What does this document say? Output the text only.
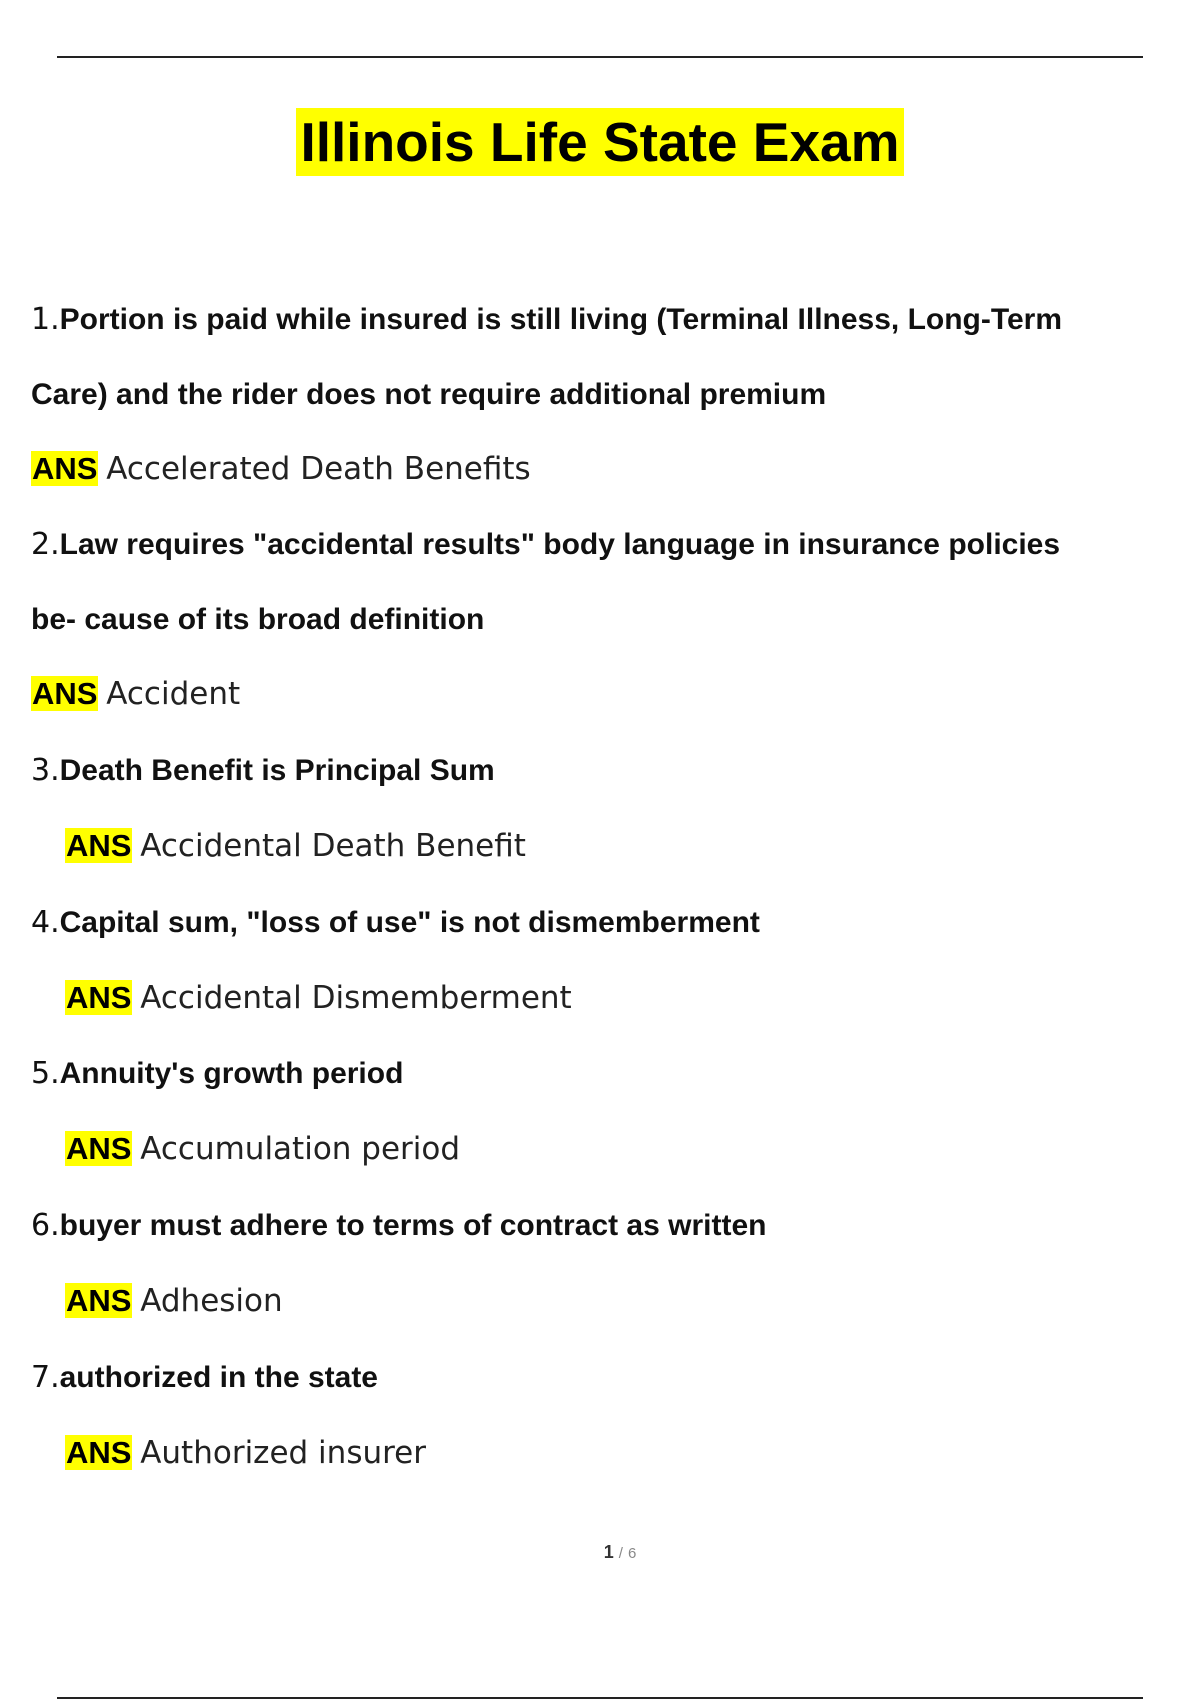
Illinois Life State Exam
1.Portion is paid while insured is still living (Terminal Illness, Long-Term
Care) and the rider does not require additional premium
ANS Accelerated Death Benefits
2.Law requires "accidental results" body language in insurance policies
be- cause of its broad definition
ANS Accident
3.Death Benefit is Principal Sum
ANS Accidental Death Benefit
4.Capital sum, "loss of use" is not dismemberment
ANS Accidental Dismemberment
5.Annuity's growth period
ANS Accumulation period
6.buyer must adhere to terms of contract as written
ANS Adhesion
7.authorized in the state
ANS Authorized insurer
1 / 6
